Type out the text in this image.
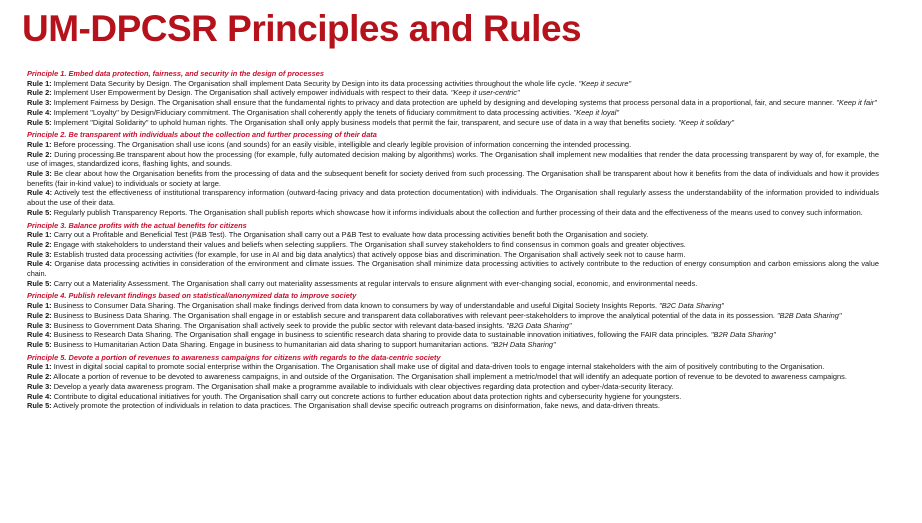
UM-DPCSR Principles and Rules
Principle 1. Embed data protection, fairness, and security in the design of processes
Rule 1: Implement Data Security by Design. The Organisation shall implement Data Security by Design into its data processing activities throughout the whole life cycle. "Keep it secure"
Rule 2: Implement User Empowerment by Design. The Organisation shall actively empower individuals with respect to their data. "Keep it user-centric"
Rule 3: Implement Fairness by Design. The Organisation shall ensure that the fundamental rights to privacy and data protection are upheld by designing and developing systems that process personal data in a proportional, fair, and secure manner. "Keep it fair"
Rule 4: Implement "Loyalty" by Design/Fiduciary commitment. The Organisation shall coherently apply the tenets of fiduciary commitment to data processing activities. "Keep it loyal"
Rule 5: Implement "Digital Solidarity" to uphold human rights. The Organisation shall only apply business models that permit the fair, transparent, and secure use of data in a way that benefits society. "Keep it solidary"
Principle 2. Be transparent with individuals about the collection and further processing of their data
Rule 1: Before processing. The Organisation shall use icons (and sounds) for an easily visible, intelligible and clearly legible provision of information concerning the intended processing.
Rule 2: During processing.Be transparent about how the processing (for example, fully automated decision making by algorithms) works. The Organisation shall implement new modalities that render the data processing transparent by way of, for example, the use of images, standardized icons, flashing lights, and sounds.
Rule 3: Be clear about how the Organisation benefits from the processing of data and the subsequent benefit for society derived from such processing. The Organisation shall be transparent about how it benefits from the data of individuals and how it provides benefits (fair in-kind value) to individuals or society at large.
Rule 4: Actively test the effectiveness of institutional transparency information (outward-facing privacy and data protection documentation) with individuals. The Organisation shall regularly assess the understandability of the information provided to individuals about the use of their data.
Rule 5: Regularly publish Transparency Reports. The Organisation shall publish reports which showcase how it informs individuals about the collection and further processing of their data and the effectiveness of the means used to convey such information.
Principle 3. Balance profits with the actual benefits for citizens
Rule 1: Carry out a Profitable and Beneficial Test (P&B Test). The Organisation shall carry out a P&B Test to evaluate how data processing activities benefit both the Organisation and society.
Rule 2: Engage with stakeholders to understand their values and beliefs when selecting suppliers. The Organisation shall survey stakeholders to find consensus in common goals and greater objectives.
Rule 3: Establish trusted data processing activities (for example, for use in AI and big data analytics) that actively oppose bias and discrimination. The Organisation shall actively seek not to cause harm.
Rule 4: Organise data processing activities in consideration of the environment and climate issues. The Organisation shall minimize data processing activities to actively contribute to the reduction of energy consumption and carbon emissions along the value chain.
Rule 5: Carry out a Materiality Assessment. The Organisation shall carry out materiality assessments at regular intervals to ensure alignment with ever-changing social, economic, and environmental needs.
Principle 4. Publish relevant findings based on statistical/anonymized data to improve society
Rule 1: Business to Consumer Data Sharing. The Organisation shall make findings derived from data known to consumers by way of understandable and useful Digital Society Insights Reports. "B2C Data Sharing"
Rule 2: Business to Business Data Sharing. The Organisation shall engage in or establish secure and transparent data collaboratives with relevant peer-stakeholders to improve the analytical potential of the data in its possession. "B2B Data Sharing"
Rule 3: Business to Government Data Sharing. The Organisation shall actively seek to provide the public sector with relevant data-based insights. "B2G Data Sharing"
Rule 4: Business to Research Data Sharing. The Organisation shall engage in business to scientific research data sharing to provide data to sustainable innovation initiatives, following the FAIR data principles. "B2R Data Sharing"
Rule 5: Business to Humanitarian Action Data Sharing. Engage in business to humanitarian aid data sharing to support humanitarian actions. "B2H Data Sharing"
Principle 5. Devote a portion of revenues to awareness campaigns for citizens with regards to the data-centric society
Rule 1: Invest in digital social capital to promote social enterprise within the Organisation. The Organisation shall make use of digital and data-driven tools to engage internal stakeholders with the aim of positively contributing to the Organisation.
Rule 2: Allocate a portion of revenue to be devoted to awareness campaigns, in and outside of the Organisation. The Organisation shall implement a metric/model that will identify an adequate portion of revenue to be devoted to awareness campaigns.
Rule 3: Develop a yearly data awareness program. The Organisation shall make a programme available to individuals with clear objectives regarding data protection and cyber-/data-security literacy.
Rule 4: Contribute to digital educational initiatives for youth. The Organisation shall carry out concrete actions to further education about data protection rights and cybersecurity hygiene for youngsters.
Rule 5: Actively promote the protection of individuals in relation to data practices. The Organisation shall devise specific outreach programs on disinformation, fake news, and data-driven threats.
